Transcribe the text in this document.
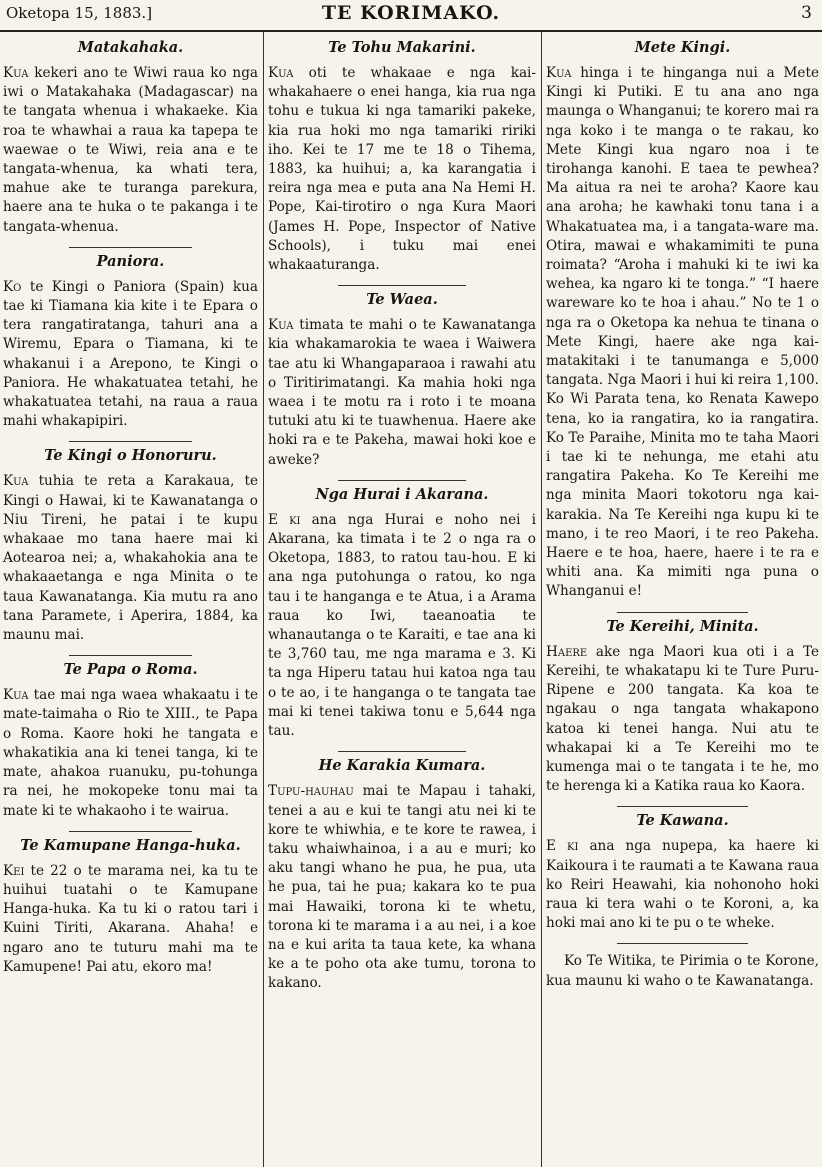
Oketopa 15, 1883.]	TE KORIMAKO.	3
Matakahaka.

Kua kekeri ano te Wiwi raua ko nga iwi o Matakahaka (Madagascar) na te tangata whenua i whakaeke. Kia roa te whawhai a raua ka tapepa te waewae o te Wiwi, reia ana e te tangata-whenua, ka whati tera, mahue ake te turanga parekura, haere ana te huka o te pakanga i te tangata-whenua.

Paniora.

Ko te Kingi o Paniora (Spain) kua tae ki Tiamana kia kite i te Epara o tera rangatiratanga, tahuri ana a Wiremu, Epara o Tiamana, ki te whakanui i a Arepono, te Kingi o Paniora. He whakatuatea tetahi, he whakatuatea tetahi, na raua a raua mahi whakapipiri.

Te Kingi o Honoruru.

Kua tuhia te reta a Karakaua, te Kingi o Hawai, ki te Kawanatanga o Niu Tireni, he patai i te kupu whakaae mo tana haere mai ki Aotearoa nei; a, whakahokia ana te whakaaetanga e nga Minita o te taua Kawanatanga. Kia mutu ra ano tana Paramete, i Aperira, 1884, ka maunu mai.

Te Papa o Roma.

Kua tae mai nga waea whakaatu i te mate-taimaha o Rio te XIII., te Papa o Roma. Kaore hoki he tangata e whakatikia ana ki tenei tanga, ki te mate, ahakoa ruanuku, pu-tohunga ra nei, he mokopeke tonu mai ta mate ki te whakaoho i te wairua.

Te Kamupane Hanga-huka.

Kei te 22 o te marama nei, ka tu te huihui tuatahi o te Kamupane Hanga-huka. Ka tu ki o ratou tari i Kuini Tiriti, Akarana. Ahaha! e ngaro ano te tuturu mahi ma te Kamupene! Pai atu, ekoro ma!

Te Tohu Makarini.

Kua oti te whakaae e nga kai-whakahaere o enei hanga, kia rua nga tohu e tukua ki nga tamariki pakeke, kia rua hoki mo nga tamariki ririki iho. Kei te 17 me te 18 o Tihema, 1883, ka huihui; a, ka karangatia i reira nga mea e puta ana Na Hemi H. Pope, Kai-tirotiro o nga Kura Maori (James H. Pope, Inspector of Native Schools), i tuku mai enei whakaaturanga.

Te Waea.

Kua timata te mahi o te Kawanatanga kia whakamarokia te waea i Waiwera tae atu ki Whangaparaoa i rawahi atu o Tiritirimatangi. Ka mahia hoki nga waea i te motu ra i roto i te moana tutuki atu ki te tuawhenua. Haere ake hoki ra e te Pakeha, mawai hoki koe e aweke?

Nga Hurai i Akarana.

E ki ana nga Hurai e noho nei i Akarana, ka timata i te 2 o nga ra o Oketopa, 1883, to ratou tau-hou. E ki ana nga putohunga o ratou, ko nga tau i te hanganga e te Atua, i a Arama raua ko Iwi, taeanoatia te whanautanga o te Karaiti, e tae ana ki te 3,760 tau, me nga marama e 3. Ki ta nga Hiperu tatau hui katoa nga tau o te ao, i te hanganga o te tangata tae mai ki tenei takiwa tonu e 5,644 nga tau.

He Karakia Kumara.

Tupu-hauhau mai te Mapau i tahaki, tenei a au e kui te tangi atu nei ki te kore te whiwhia, e te kore te rawea, i taku whaiwhainoa, i a au e muri; ko aku tangi whano he pua, he pua, uta he pua, tai he pua; kakara ko te pua mai Hawaiki, torona ki te whetu, torona ki te marama i a au nei, i a koe na e kui arita ta taua kete, ka whana ke a te poho ota ake tumu, torona to kakano.

Mete Kingi.

Kua hinga i te hinganga nui a Mete Kingi ki Putiki. E tu ana ano nga maunga o Whanganui; te korero mai ra nga koko i te manga o te rakau, ko Mete Kingi kua ngaro noa i te tirohanga kanohi. E taea te pewhea? Ma aitua ra nei te aroha? Kaore kau ana aroha; he kawhaki tonu tana i a Whakatuatea ma, i a tangata-ware ma. Otira, mawai e whakamimiti te puna roimata? “Aroha i mahuki ki te iwi ka wehea, ka ngaro ki te tonga.” “I haere wareware ko te hoa i ahau.” No te 1 o nga ra o Oketopa ka nehua te tinana o Mete Kingi, haere ake nga kai-matakitaki i te tanumanga e 5,000 tangata. Nga Maori i hui ki reira 1,100. Ko Wi Parata tena, ko Renata Kawepo tena, ko ia rangatira, ko ia rangatira. Ko Te Paraihe, Minita mo te taha Maori i tae ki te nehunga, me etahi atu rangatira Pakeha. Ko Te Kereihi me nga minita Maori tokotoru nga kai-karakia. Na Te Kereihi nga kupu ki te mano, i te reo Maori, i te reo Pakeha. Haere e te hoa, haere, haere i te ra e whiti ana. Ka mimiti nga puna o Whanganui e!

Te Kereihi, Minita.

Haere ake nga Maori kua oti i a Te Kereihi, te whakatapu ki te Ture Puru-Ripene e 200 tangata. Ka koa te ngakau o nga tangata whakapono katoa ki tenei hanga. Nui atu te whakapai ki a Te Kereihi mo te kumenga mai o te tangata i te he, mo te herenga ki a Katika raua ko Kaora.

Te Kawana.

E ki ana nga nupepa, ka haere ki Kaikoura i te raumati a te Kawana raua ko Reiri Heawahi, kia nohonoho hoki raua ki tera wahi o te Koroni, a, ka hoki mai ano ki te pu o te wheke.

Ko Te Witika, te Pirimia o te Korone, kua maunu ki waho o te Kawanatanga.
